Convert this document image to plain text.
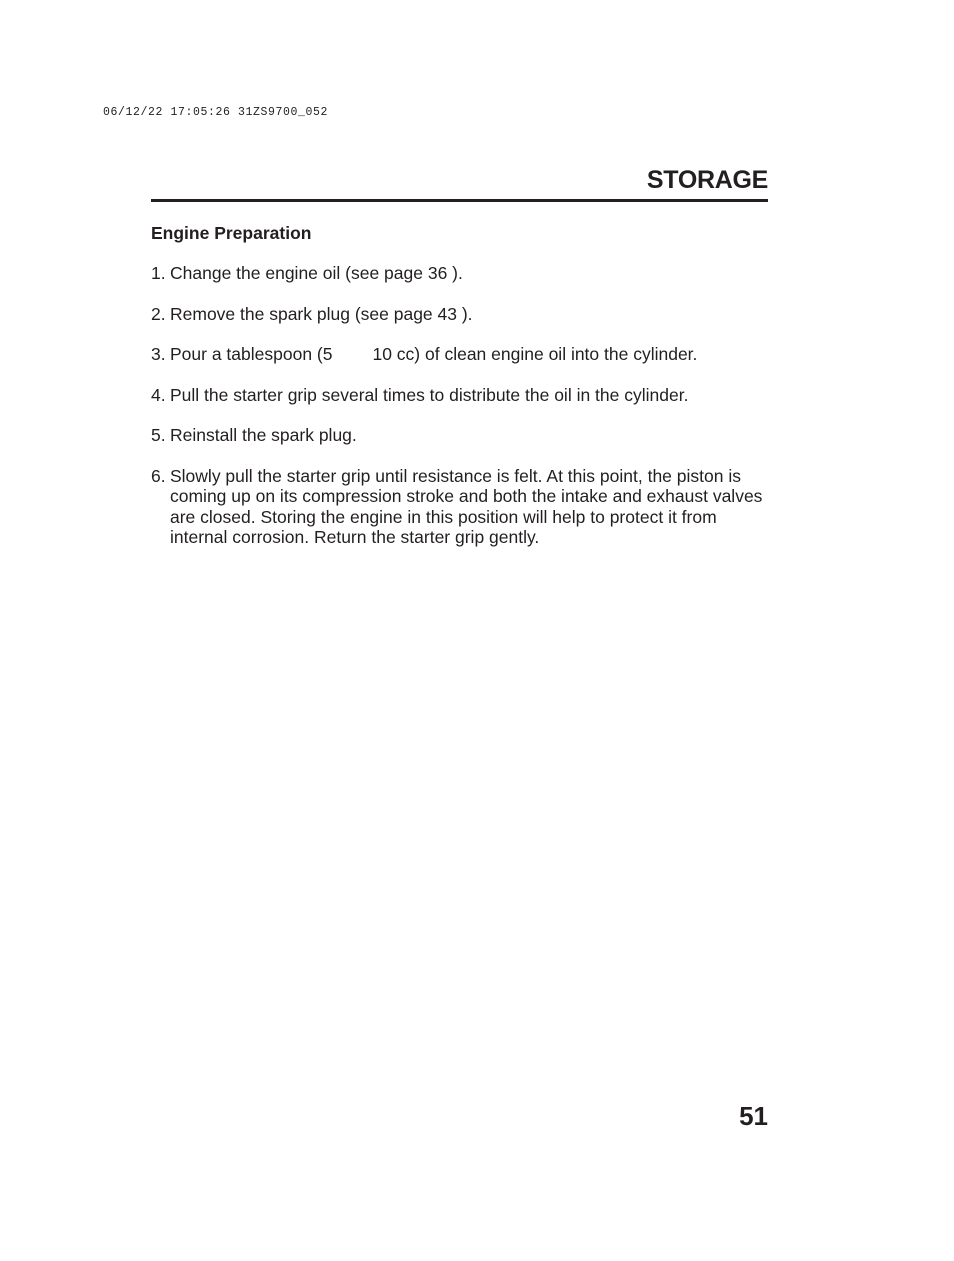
06/12/22 17:05:26 31ZS9700_052
STORAGE
Engine Preparation
1. Change the engine oil (see page 36 ).
2. Remove the spark plug (see page 43 ).
3. Pour a tablespoon (5 10 cc) of clean engine oil into the cylinder.
4. Pull the starter grip several times to distribute the oil in the cylinder.
5. Reinstall the spark plug.
6. Slowly pull the starter grip until resistance is felt. At this point, the piston is coming up on its compression stroke and both the intake and exhaust valves are closed. Storing the engine in this position will help to protect it from internal corrosion. Return the starter grip gently.
51
